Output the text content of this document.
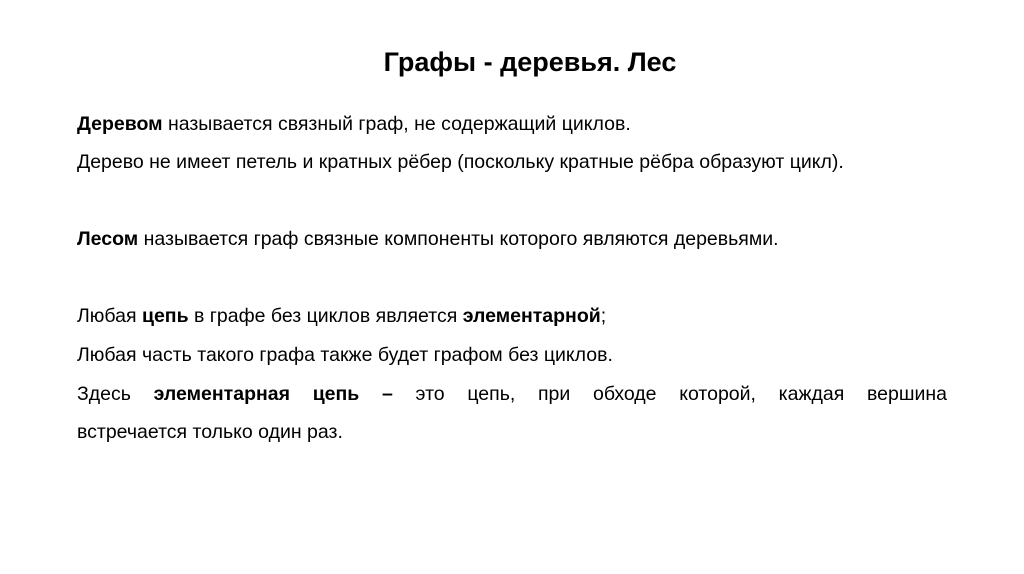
Графы - деревья. Лес
Деревом называется связный граф, не содержащий циклов.
Дерево не имеет петель и кратных рёбер (поскольку кратные рёбра образуют цикл).
Лесом называется граф связные компоненты которого являются деревьями.
Любая цепь в графе без циклов является элементарной;
Любая часть такого графа также будет графом без циклов.
Здесь элементарная цепь – это цепь, при обходе которой, каждая вершина
встречается только один раз.
